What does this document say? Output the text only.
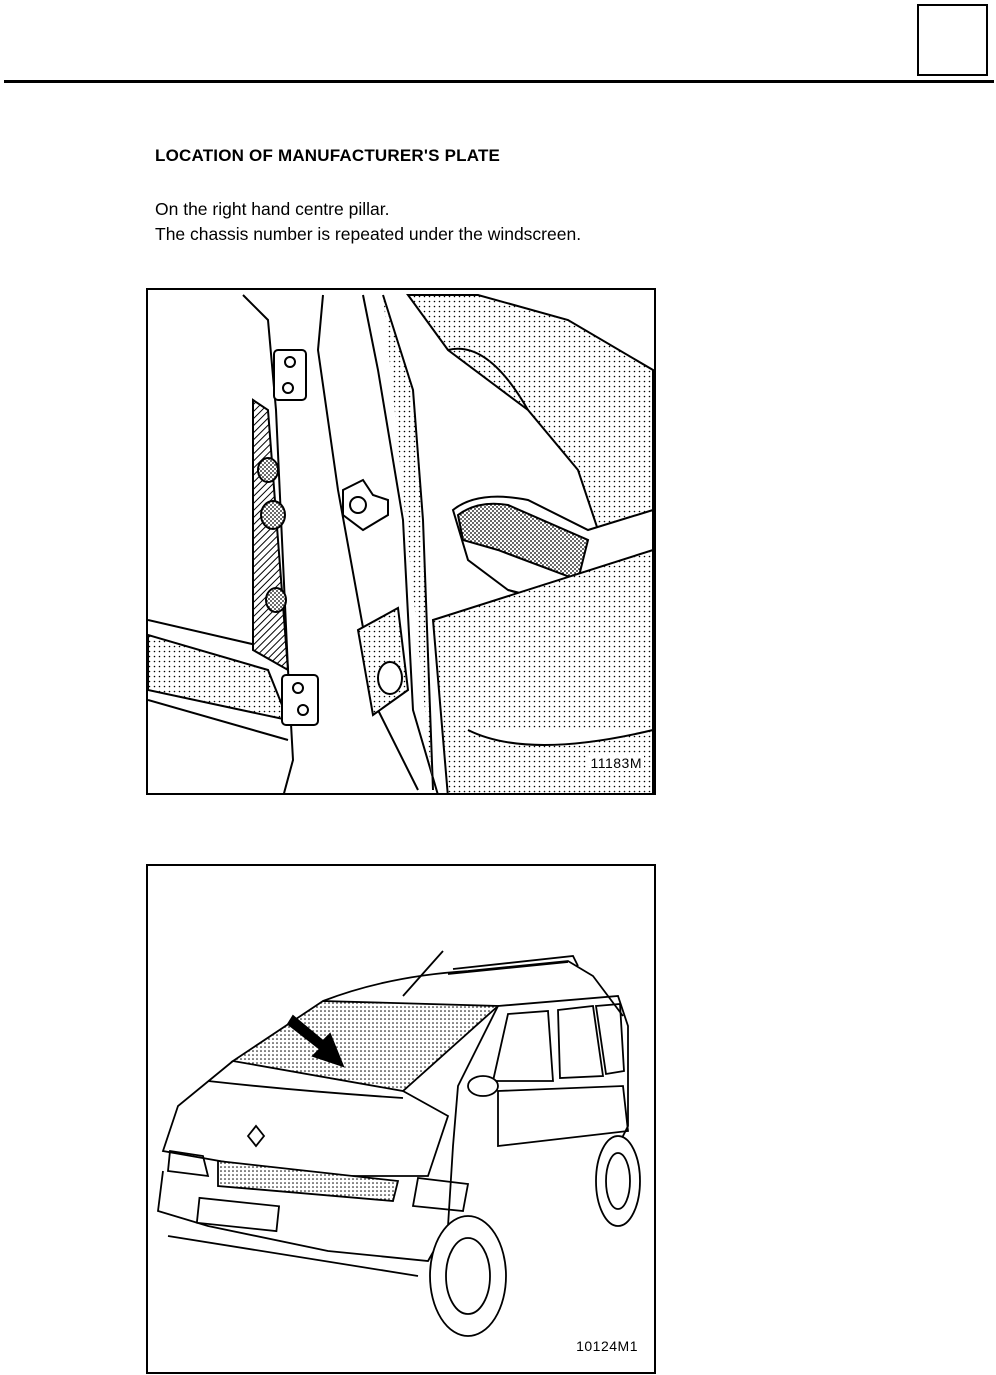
LOCATION OF MANUFACTURER'S PLATE

On the right hand centre pillar.

The chassis number is repeated under the windscreen.

11183M
10124M1
